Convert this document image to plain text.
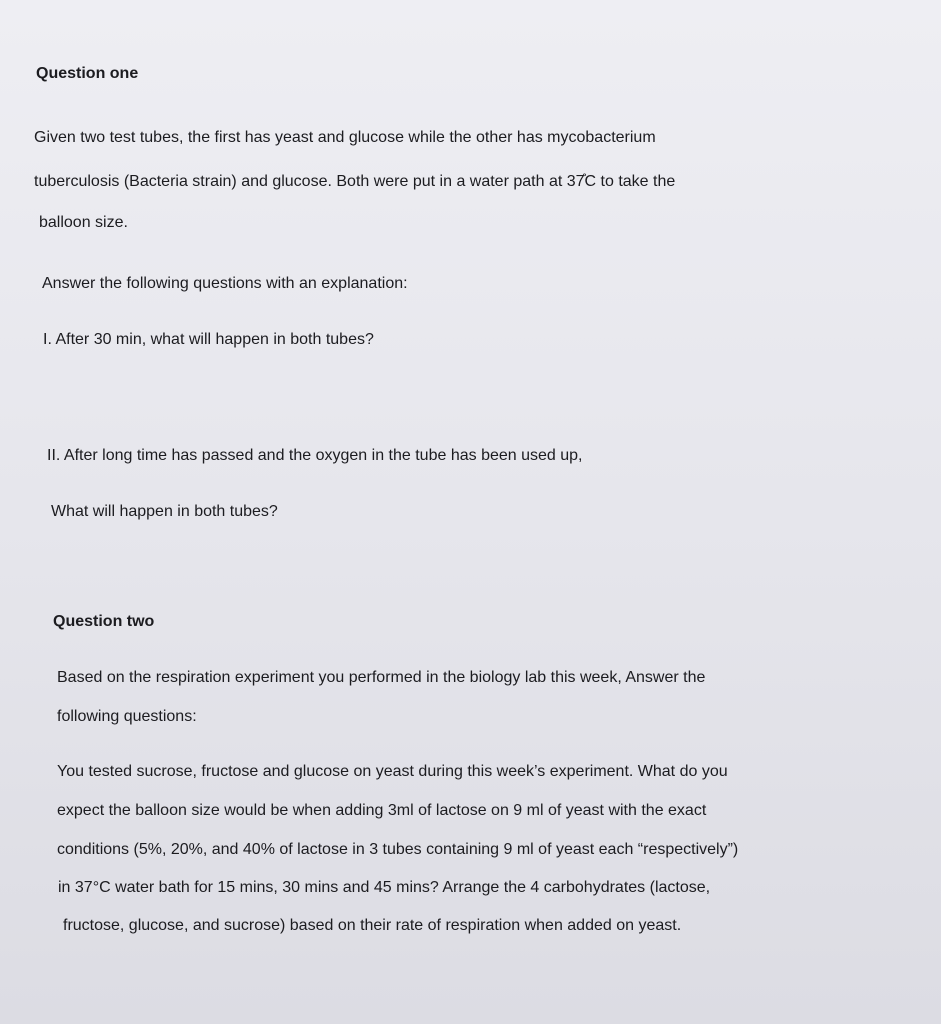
Question one
Given two test tubes, the first has yeast and glucose while the other has mycobacterium
tuberculosis (Bacteria strain) and glucose. Both were put in a water path at 37̊C to take the
balloon size.
Answer the following questions with an explanation:
I. After 30 min, what will happen in both tubes?
II. After long time has passed and the oxygen in the tube has been used up,
What will happen in both tubes?
Question two
Based on the respiration experiment you performed in the biology lab this week, Answer the
following questions:
You tested sucrose, fructose and glucose on yeast during this week’s experiment. What do you
expect the balloon size would be when adding 3ml of lactose on 9 ml of yeast with the exact
conditions (5%, 20%, and 40% of lactose in 3 tubes containing 9 ml of yeast each “respectively”)
in 37°C water bath for 15 mins, 30 mins and 45 mins? Arrange the 4 carbohydrates (lactose,
fructose, glucose, and sucrose) based on their rate of respiration when added on yeast.
